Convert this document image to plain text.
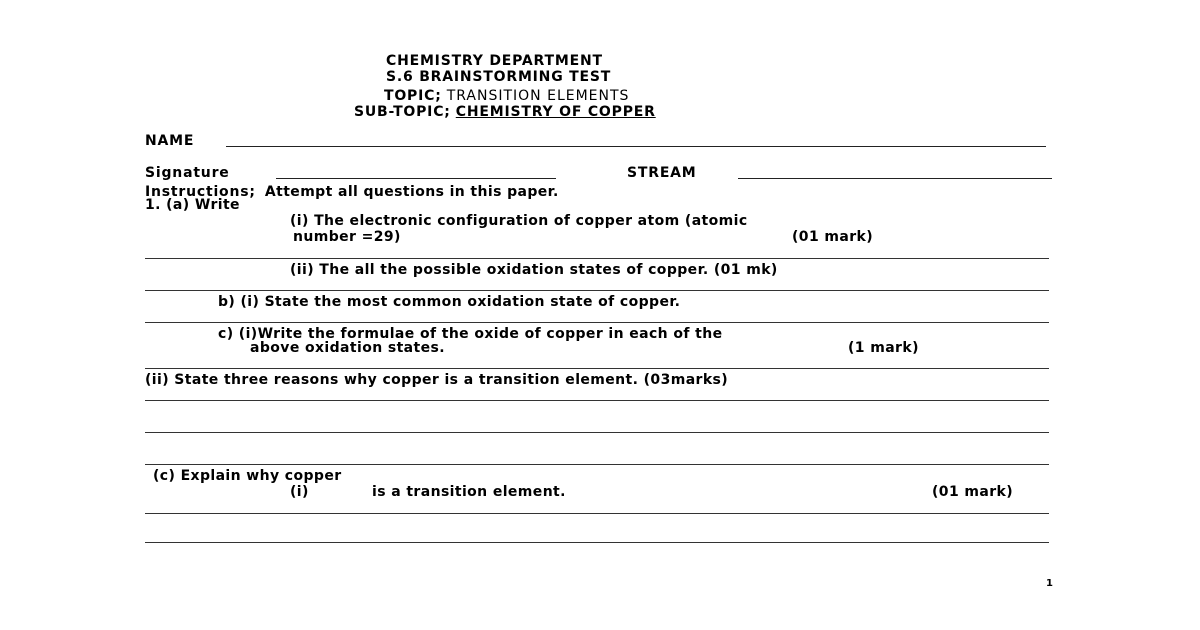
CHEMISTRY DEPARTMENT
S.6 BRAINSTORMING TEST
TOPIC; TRANSITION ELEMENTS
SUB-TOPIC; CHEMISTRY OF COPPER
NAME
Signature	STREAM
Instructions; Attempt all questions in this paper.
1. (a) Write
(i) The electronic configuration of copper atom (atomic
number =29)	(01 mark)
(ii) The all the possible oxidation states of copper. (01 mk)
b) (i) State the most common oxidation state of copper.
c) (i)Write the formulae of the oxide of copper in each of the
above oxidation states.	(1 mark)
(ii) State three reasons why copper is a transition element. (03marks)
(c) Explain why copper
(i)	is a transition element.	(01 mark)
1
